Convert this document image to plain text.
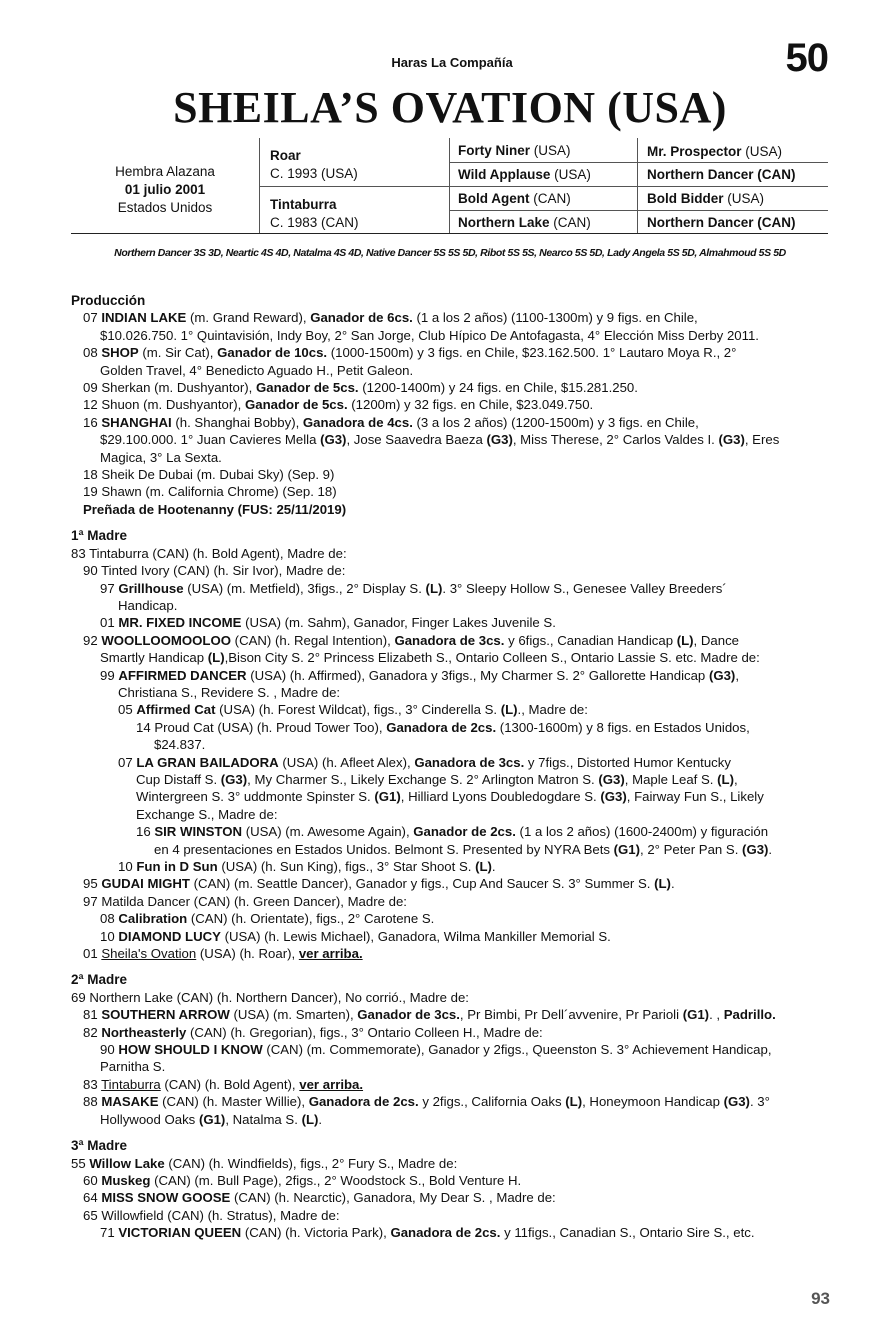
Haras La Compañía	50
SHEILA’S OVATION (USA)
Hembra Alazana
01 julio 2001
Estados Unidos
Roar
C. 1993 (USA)
Tintaburra
C. 1983 (CAN)
Forty Niner (USA)
Wild Applause (USA)
Bold Agent (CAN)
Northern Lake (CAN)
Mr. Prospector (USA)
Northern Dancer (CAN)
Bold Bidder (USA)
Northern Dancer (CAN)
Northern Dancer 3S 3D, Neartic 4S 4D, Natalma 4S 4D, Native Dancer 5S 5S 5D, Ribot 5S 5S, Nearco 5S 5D, Lady Angela 5S 5D, Almahmoud 5S 5D
Producción
07 INDIAN LAKE (m. Grand Reward), Ganador de 6cs. (1 a los 2 años) (1100-1300m) y 9 figs. en Chile,
$10.026.750. 1° Quintavisión, Indy Boy, 2° San Jorge, Club Hípico De Antofagasta, 4° Elección Miss Derby 2011.
08 SHOP (m. Sir Cat), Ganador de 10cs. (1000-1500m) y 3 figs. en Chile, $23.162.500. 1° Lautaro Moya R., 2°
Golden Travel, 4° Benedicto Aguado H., Petit Galeon.
09 Sherkan (m. Dushyantor), Ganador de 5cs. (1200-1400m) y 24 figs. en Chile, $15.281.250.
12 Shuon (m. Dushyantor), Ganador de 5cs. (1200m) y 32 figs. en Chile, $23.049.750.
16 SHANGHAI (h. Shanghai Bobby), Ganadora de 4cs. (3 a los 2 años) (1200-1500m) y 3 figs. en Chile,
$29.100.000. 1° Juan Cavieres Mella (G3), Jose Saavedra Baeza (G3), Miss Therese, 2° Carlos Valdes I. (G3), Eres
Magica, 3° La Sexta.
18 Sheik De Dubai (m. Dubai Sky) (Sep. 9)
19 Shawn (m. California Chrome) (Sep. 18)
Preñada de Hootenanny (FUS: 25/11/2019)
1ª Madre
83 Tintaburra (CAN) (h. Bold Agent), Madre de:
90 Tinted Ivory (CAN) (h. Sir Ivor), Madre de:
97 Grillhouse (USA) (m. Metfield), 3figs., 2° Display S. (L). 3° Sleepy Hollow S., Genesee Valley Breeders´
Handicap.
01 MR. FIXED INCOME (USA) (m. Sahm), Ganador, Finger Lakes Juvenile S.
92 WOOLLOOMOOLOO (CAN) (h. Regal Intention), Ganadora de 3cs. y 6figs., Canadian Handicap (L), Dance
Smartly Handicap (L),Bison City S. 2° Princess Elizabeth S., Ontario Colleen S., Ontario Lassie S. etc. Madre de:
99 AFFIRMED DANCER (USA) (h. Affirmed), Ganadora y 3figs., My Charmer S. 2° Gallorette Handicap (G3),
Christiana S., Revidere S. , Madre de:
05 Affirmed Cat (USA) (h. Forest Wildcat), figs., 3° Cinderella S. (L)., Madre de:
14 Proud Cat (USA) (h. Proud Tower Too), Ganadora de 2cs. (1300-1600m) y 8 figs. en Estados Unidos,
$24.837.
07 LA GRAN BAILADORA (USA) (h. Afleet Alex), Ganadora de 3cs. y 7figs., Distorted Humor Kentucky
Cup Distaff S. (G3), My Charmer S., Likely Exchange S. 2° Arlington Matron S. (G3), Maple Leaf S. (L),
Wintergreen S. 3° uddmonte Spinster S. (G1), Hilliard Lyons Doubledogdare S. (G3), Fairway Fun S., Likely
Exchange S., Madre de:
16 SIR WINSTON (USA) (m. Awesome Again), Ganador de 2cs. (1 a los 2 años) (1600-2400m) y figuración
en 4 presentaciones en Estados Unidos. Belmont S. Presented by NYRA Bets (G1), 2° Peter Pan S. (G3).
10 Fun in D Sun (USA) (h. Sun King), figs., 3° Star Shoot S. (L).
95 GUDAI MIGHT (CAN) (m. Seattle Dancer), Ganador y figs., Cup And Saucer S. 3° Summer S. (L).
97 Matilda Dancer (CAN) (h. Green Dancer), Madre de:
08 Calibration (CAN) (h. Orientate), figs., 2° Carotene S.
10 DIAMOND LUCY (USA) (h. Lewis Michael), Ganadora, Wilma Mankiller Memorial S.
01 Sheila's Ovation (USA) (h. Roar), ver arriba.
2ª Madre
69 Northern Lake (CAN) (h. Northern Dancer), No corrió., Madre de:
81 SOUTHERN ARROW (USA) (m. Smarten), Ganador de 3cs., Pr Bimbi, Pr Dell´avvenire, Pr Parioli (G1). , Padrillo.
82 Northeasterly (CAN) (h. Gregorian), figs., 3° Ontario Colleen H., Madre de:
90 HOW SHOULD I KNOW (CAN) (m. Commemorate), Ganador y 2figs., Queenston S. 3° Achievement Handicap,
Parnitha S.
83 Tintaburra (CAN) (h. Bold Agent), ver arriba.
88 MASAKE (CAN) (h. Master Willie), Ganadora de 2cs. y 2figs., California Oaks (L), Honeymoon Handicap (G3). 3°
Hollywood Oaks (G1), Natalma S. (L).
3ª Madre
55 Willow Lake (CAN) (h. Windfields), figs., 2° Fury S., Madre de:
60 Muskeg (CAN) (m. Bull Page), 2figs., 2° Woodstock S., Bold Venture H.
64 MISS SNOW GOOSE (CAN) (h. Nearctic), Ganadora, My Dear S. , Madre de:
65 Willowfield (CAN) (h. Stratus), Madre de:
71 VICTORIAN QUEEN (CAN) (h. Victoria Park), Ganadora de 2cs. y 11figs., Canadian S., Ontario Sire S., etc.
93
